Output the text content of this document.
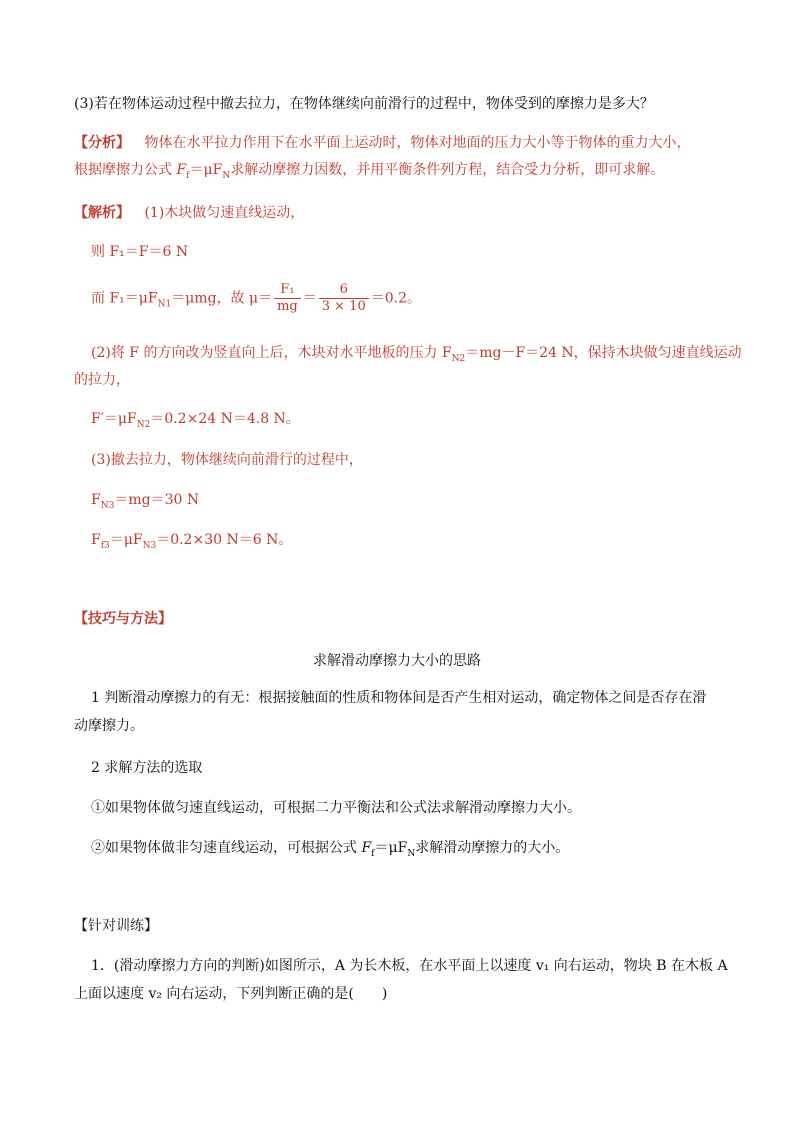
(3)若在物体运动过程中撤去拉力，在物体继续向前滑行的过程中，物体受到的摩擦力是多大？
【分析】 物体在水平拉力作用下在水平面上运动时，物体对地面的压力大小等于物体的重力大小，
根据摩擦力公式 $F_f=\mu F_N$求解动摩擦力因数，并用平衡条件列方程，结合受力分析，即可求解。
【解析】 (1)木块做匀速直线运动，
则 F₁＝F＝6 N
而 $F_1=\mu F_{N1}=\mu mg$，故 $\mu= \frac{\text{F₁}}{mg} = \frac{6}{3 \times 10} =0.2$。
(2)将 F 的方向改为竖直向上后，木块对水平地板的压力 $F_{N2}=mg-F=24$ N，保持木块做匀速直线运动
的拉力，
$F'=\mu F_{N2}=0.2\times 24$ N＝4.8 N。
(3)撤去拉力，物体继续向前滑行的过程中，
$F_{N3}=mg=30$ N
$F_{f3}=\mu F_{N3}=0.2\times 30$ N＝6 N。
【技巧与方法】
求解滑动摩擦力大小的思路
1 判断滑动摩擦力的有无：根据接触面的性质和物体间是否产生相对运动，确定物体之间是否存在滑
动摩擦力。
2 求解方法的选取
①如果物体做匀速直线运动，可根据二力平衡法和公式法求解滑动摩擦力大小。
②如果物体做非匀速直线运动，可根据公式 $F_f=\mu F_N$求解滑动摩擦力的大小。
【针对训练】
1．(滑动摩擦力方向的判断)如图所示，A 为长木板，在水平面上以速度 v₁ 向右运动，物块 B 在木板 A
上面以速度 v₂ 向右运动，下列判断正确的是(　　)
